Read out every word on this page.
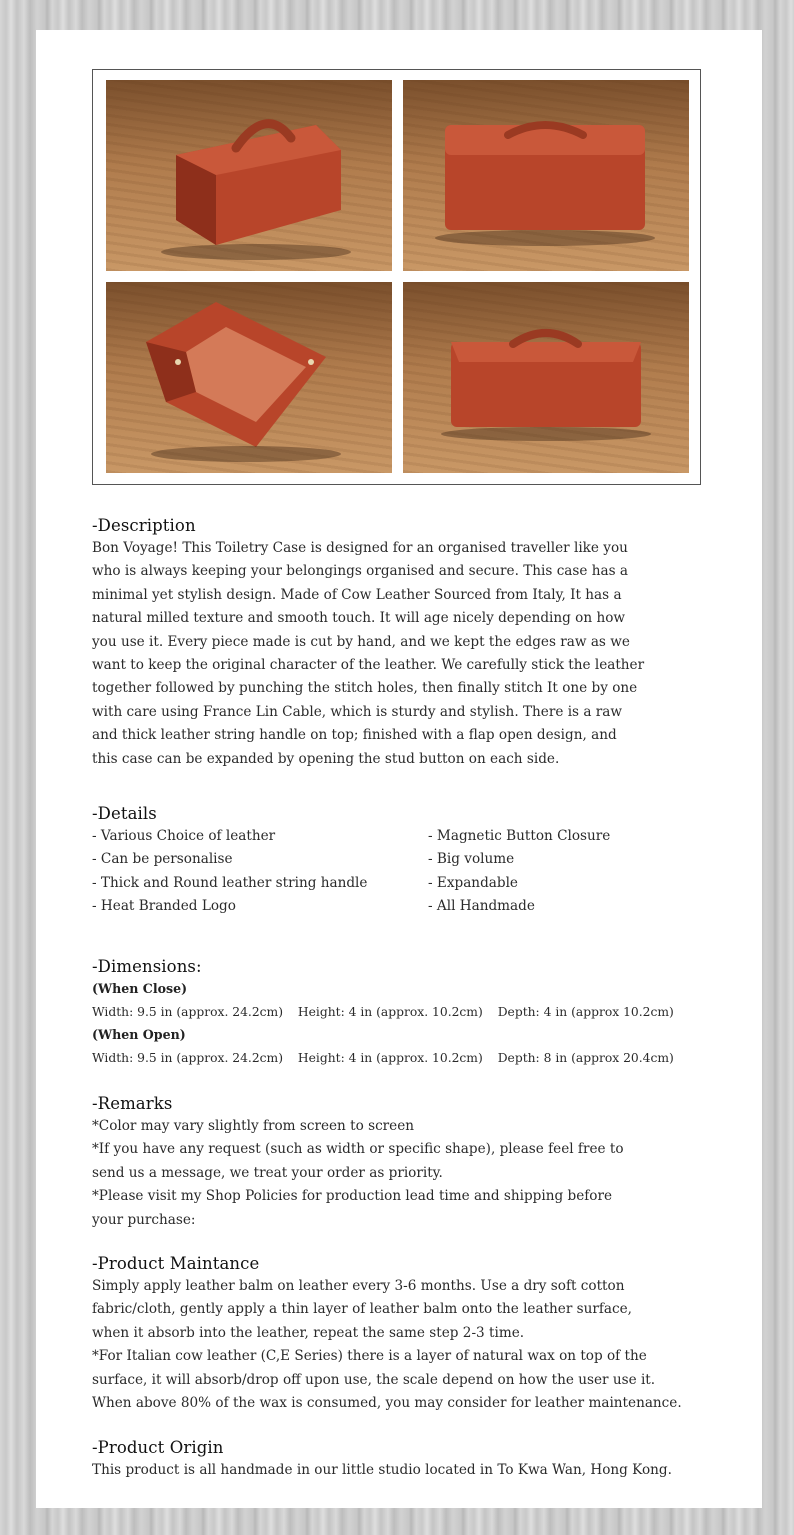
-Description
Bon Voyage! This Toiletry Case is designed for an organised traveller like you
who is always keeping your belongings organised and secure. This case has a
minimal yet stylish design. Made of Cow Leather Sourced from Italy, It has a
natural milled texture and smooth touch. It will age nicely depending on how
you use it. Every piece made is cut by hand, and we kept the edges raw as we
want to keep the original character of the leather. We carefully stick the leather
together followed by punching the stitch holes, then finally stitch It one by one
with care using France Lin Cable, which is sturdy and stylish. There is a raw
and thick leather string handle on top; finished with a flap open design, and
this case can be expanded by opening the stud button on each side.
-Details
- Various Choice of leather
- Can be personalise
- Thick and Round leather string handle
- Heat Branded Logo
- Magnetic Button Closure
- Big volume
- Expandable
- All Handmade
-Dimensions:
(When Close)
Width: 9.5 in (approx. 24.2cm) Height: 4 in (approx. 10.2cm) Depth: 4 in (approx 10.2cm)
(When Open)
Width: 9.5 in (approx. 24.2cm) Height: 4 in (approx. 10.2cm) Depth: 8 in (approx 20.4cm)
-Remarks
*Color may vary slightly from screen to screen
*If you have any request (such as width or specific shape), please feel free to
send us a message, we treat your order as priority.
*Please visit my Shop Policies for production lead time and shipping before
your purchase:
-Product Maintance
Simply apply leather balm on leather every 3-6 months. Use a dry soft cotton
fabric/cloth, gently apply a thin layer of leather balm onto the leather surface,
when it absorb into the leather, repeat the same step 2-3 time.
*For Italian cow leather (C,E Series) there is a layer of natural wax on top of the
surface, it will absorb/drop off upon use, the scale depend on how the user use it.
When above 80% of the wax is consumed, you may consider for leather maintenance.
-Product Origin
This product is all handmade in our little studio located in To Kwa Wan, Hong Kong.
